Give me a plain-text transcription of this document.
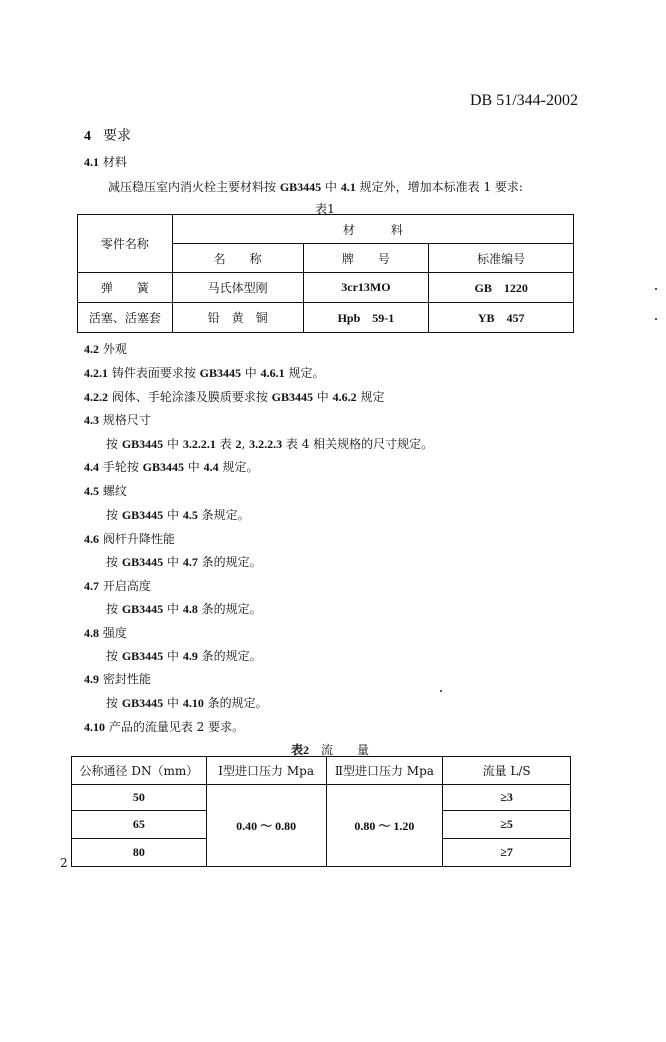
DB 51/344-2002
4 要求
4.1 材料
减压稳压室内消火栓主要材料按 GB3445 中 4.1 规定外，增加本标准表 1 要求:
表1
零件名称	材　　　料		
	名　　称	牌　　号	标准编号
弹　　簧	马氏体型刚	3cr13MO	GB　1220
活塞、活塞套	铅　黄　铜	Hpb　59-1	YB　457
4.2 外观
4.2.1 铸件表面要求按 GB3445 中 4.6.1 规定。
4.2.2 阀体、手轮涂漆及膜质要求按 GB3445 中 4.6.2 规定
4.3 规格尺寸
按 GB3445 中 3.2.2.1 表 2, 3.2.2.3 表 4 相关规格的尺寸规定。
4.4 手轮按 GB3445 中 4.4 规定。
4.5 螺纹
按 GB3445 中 4.5 条规定。
4.6 阀杆升降性能
按 GB3445 中 4.7 条的规定。
4.7 开启高度
按 GB3445 中 4.8 条的规定。
4.8 强度
按 GB3445 中 4.9 条的规定。
4.9 密封性能
按 GB3445 中 4.10 条的规定。
4.10 产品的流量见表 2 要求。
表2　 流　　量
公称通径 DN（mm）	Ⅰ型进口压力 Mpa	Ⅱ型进口压力 Mpa	流量 L/S
50	0.40 ～ 0.80	0.80 ～ 1.20	≥3
65			≥5
80			≥7
2
